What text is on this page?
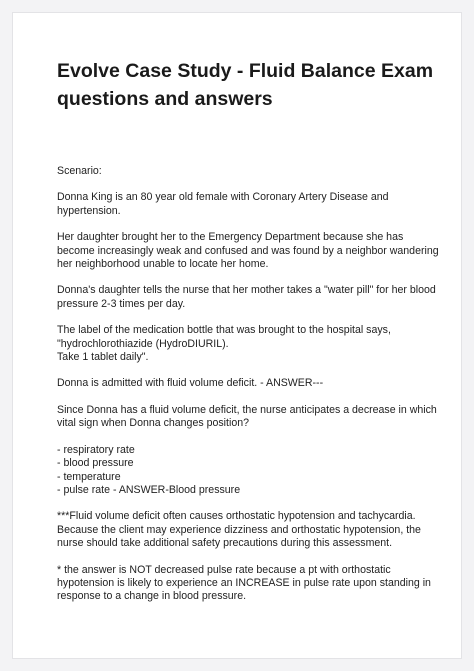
Evolve Case Study - Fluid Balance Exam questions and answers

Scenario:

Donna King is an 80 year old female with Coronary Artery Disease and hypertension.

Her daughter brought her to the Emergency Department because she has become increasingly weak and confused and was found by a neighbor wandering her neighborhood unable to locate her home.

Donna's daughter tells the nurse that her mother takes a "water pill" for her blood pressure 2-3 times per day.

The label of the medication bottle that was brought to the hospital says, "hydrochlorothiazide (HydroDIURIL).
Take 1 tablet daily".

Donna is admitted with fluid volume deficit. - ANSWER---

Since Donna has a fluid volume deficit, the nurse anticipates a decrease in which vital sign when Donna changes position?

- respiratory rate
- blood pressure
- temperature
- pulse rate - ANSWER-Blood pressure

***Fluid volume deficit often causes orthostatic hypotension and tachycardia. Because the client may experience dizziness and orthostatic hypotension, the nurse should take additional safety precautions during this assessment.

* the answer is NOT decreased pulse rate because a pt with orthostatic hypotension is likely to experience an INCREASE in pulse rate upon standing in response to a change in blood pressure.
